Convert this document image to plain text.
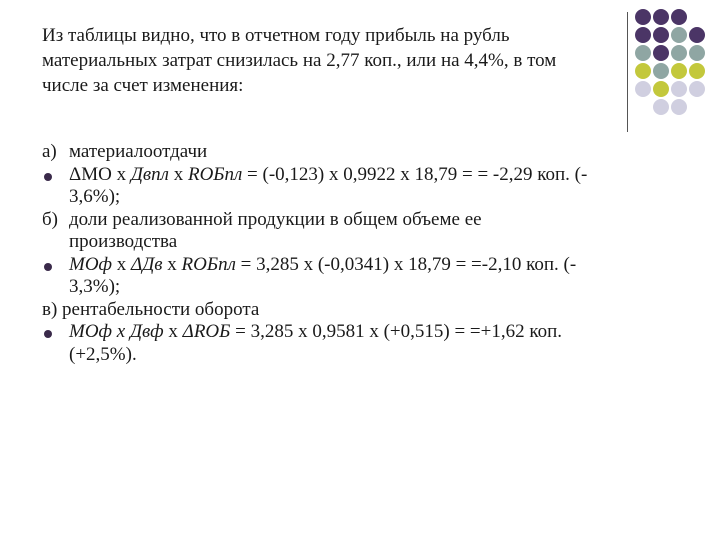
Из таблицы видно, что в отчетном году прибыль на рубль материальных затрат снизилась на 2,77 коп., или на 4,4%, в том числе за счет изменения:
а) материалоотдачи
ΔМО х Двпл х RОБпл = (-0,123) х 0,9922 х 18,79 = = -2,29 коп. (-
3,6%);
б) доли реализованной продукции в общем объеме ее
производства
МОф х ΔДв х RОБпл = 3,285 х (-0,0341) х 18,79 = =-2,10 коп. (-
3,3%);
в) рентабельности оборота
МОф х Двф х ΔRОБ = 3,285 х 0,9581 х (+0,515) = =+1,62 коп.
(+2,5%).
